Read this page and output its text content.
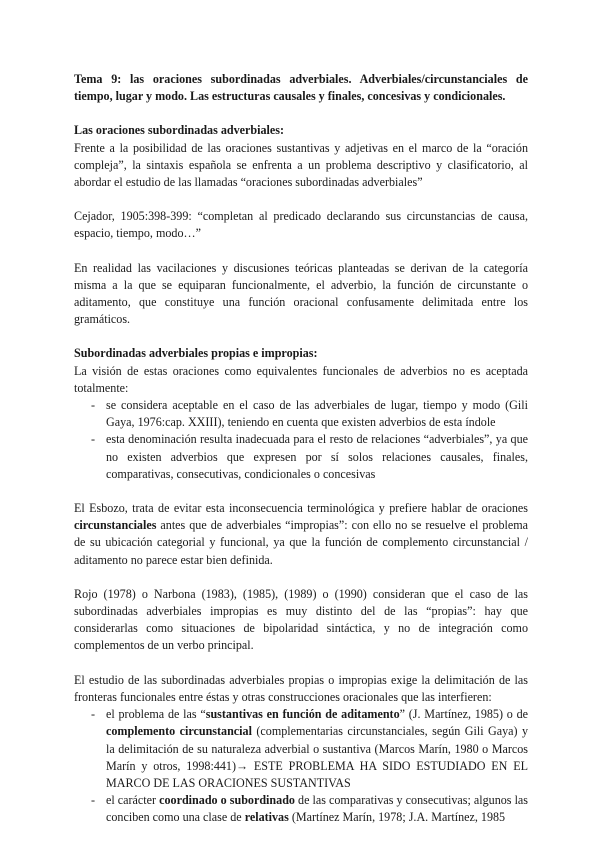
Tema 9: las oraciones subordinadas adverbiales. Adverbiales/circunstanciales de tiempo, lugar y modo. Las estructuras causales y finales, concesivas y condicionales.

Las oraciones subordinadas adverbiales:

Frente a la posibilidad de las oraciones sustantivas y adjetivas en el marco de la “oración compleja”, la sintaxis española se enfrenta a un problema descriptivo y clasificatorio, al abordar el estudio de las llamadas “oraciones subordinadas adverbiales”

Cejador, 1905:398-399: “completan al predicado declarando sus circunstancias de causa, espacio, tiempo, modo…”

En realidad las vacilaciones y discusiones teóricas planteadas se derivan de la categoría misma a la que se equiparan funcionalmente, el adverbio, la función de circunstante o aditamento, que constituye una función oracional confusamente delimitada entre los gramáticos.

Subordinadas adverbiales propias e impropias:

La visión de estas oraciones como equivalentes funcionales de adverbios no es aceptada totalmente:

- se considera aceptable en el caso de las adverbiales de lugar, tiempo y modo (Gili Gaya, 1976:cap. XXIII), teniendo en cuenta que existen adverbios de esta índole
- esta denominación resulta inadecuada para el resto de relaciones “adverbiales”, ya que no existen adverbios que expresen por sí solos relaciones causales, finales, comparativas, consecutivas, condicionales o concesivas

El Esbozo, trata de evitar esta inconsecuencia terminológica y prefiere hablar de oraciones circunstanciales antes que de adverbiales “impropias”: con ello no se resuelve el problema de su ubicación categorial y funcional, ya que la función de complemento circunstancial / aditamento no parece estar bien definida.

Rojo (1978) o Narbona (1983), (1985), (1989) o (1990) consideran que el caso de las subordinadas adverbiales impropias es muy distinto del de las “propias”: hay que considerarlas como situaciones de bipolaridad sintáctica, y no de integración como complementos de un verbo principal.

El estudio de las subordinadas adverbiales propias o impropias exige la delimitación de las fronteras funcionales entre éstas y otras construcciones oracionales que las interfieren:

- el problema de las “sustantivas en función de aditamento” (J. Martínez, 1985) o de complemento circunstancial (complementarias circunstanciales, según Gili Gaya) y la delimitación de su naturaleza adverbial o sustantiva (Marcos Marín, 1980 o Marcos Marín y otros, 1998:441)→ ESTE PROBLEMA HA SIDO ESTUDIADO EN EL MARCO DE LAS ORACIONES SUSTANTIVAS
- el carácter coordinado o subordinado de las comparativas y consecutivas; algunos las conciben como una clase de relativas (Martínez Marín, 1978; J.A. Martínez, 1985
